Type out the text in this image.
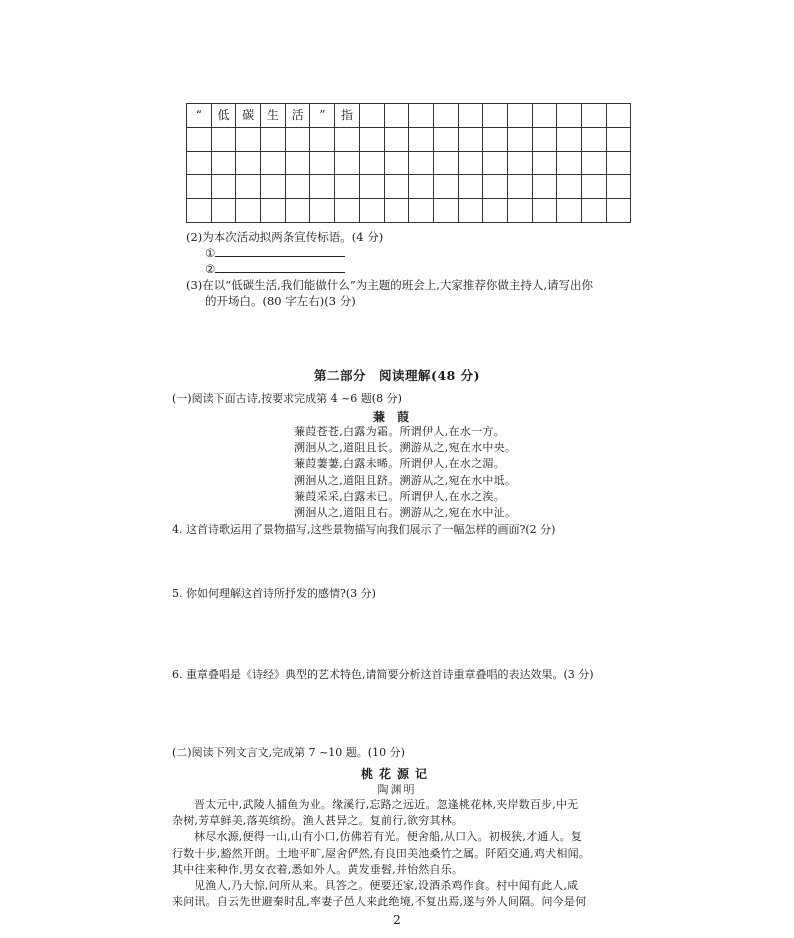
“	低	碳	生	活	”	指											

(2)为本次活动拟两条宣传标语。(4 分)
①
②
(3)在以“低碳生活,我们能做什么”为主题的班会上,大家推荐你做主持人,请写出你
的开场白。(80 字左右)(3 分)
第二部分　阅读理解(48 分)
(一)阅读下面古诗,按要求完成第 4 ~6 题(8 分)
蒹葭
蒹葭苍苍,白露为霜。所谓伊人,在水一方。
溯洄从之,道阻且长。溯游从之,宛在水中央。
蒹葭萋萋,白露未晞。所谓伊人,在水之湄。
溯洄从之,道阻且跻。溯游从之,宛在水中坻。
蒹葭采采,白露未已。所谓伊人,在水之涘。
溯洄从之,道阻且右。溯游从之,宛在水中沚。
4. 这首诗歌运用了景物描写,这些景物描写向我们展示了一幅怎样的画面?(2 分)
5. 你如何理解这首诗所抒发的感情?(3 分)
6. 重章叠唱是《诗经》典型的艺术特色,请简要分析这首诗重章叠唱的表达效果。(3 分)
(二)阅读下列文言文,完成第 7 ~10 题。(10 分)
桃花源记
陶渊明
晋太元中,武陵人捕鱼为业。缘溪行,忘路之远近。忽逢桃花林,夹岸数百步,中无
杂树,芳草鲜美,落英缤纷。渔人甚异之。复前行,欲穷其林。
林尽水源,便得一山,山有小口,仿佛若有光。便舍船,从口入。初极狭,才通人。复
行数十步,豁然开朗。土地平旷,屋舍俨然,有良田美池桑竹之属。阡陌交通,鸡犬相闻。
其中往来种作,男女衣着,悉如外人。黄发垂髫,并怡然自乐。
见渔人,乃大惊,问所从来。具答之。便要还家,设酒杀鸡作食。村中闻有此人,咸
来问讯。自云先世避秦时乱,率妻子邑人来此绝境,不复出焉,遂与外人间隔。问今是何
2
